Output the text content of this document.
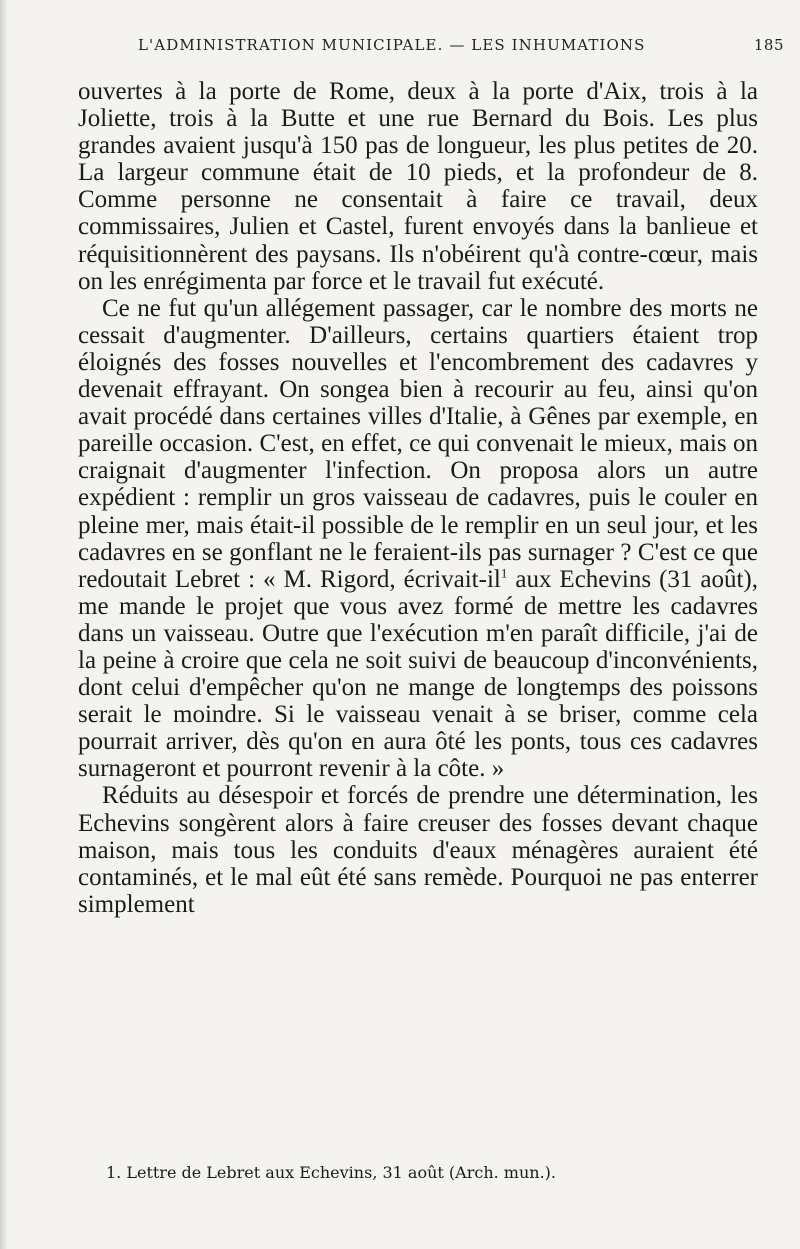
L'ADMINISTRATION MUNICIPALE. — LES INHUMATIONS	185

ouvertes à la porte de Rome, deux à la porte d'Aix, trois à la Joliette, trois à la Butte et une rue Bernard du Bois. Les plus grandes avaient jusqu'à 150 pas de longueur, les plus petites de 20. La largeur commune était de 10 pieds, et la profondeur de 8. Comme personne ne consentait à faire ce travail, deux commissaires, Julien et Castel, furent envoyés dans la banlieue et réquisitionnèrent des paysans. Ils n'obéirent qu'à contre-cœur, mais on les enrégimenta par force et le travail fut exécuté.

Ce ne fut qu'un allégement passager, car le nombre des morts ne cessait d'augmenter. D'ailleurs, certains quartiers étaient trop éloignés des fosses nouvelles et l'encombrement des cadavres y devenait effrayant. On songea bien à recourir au feu, ainsi qu'on avait procédé dans certaines villes d'Italie, à Gênes par exemple, en pareille occasion. C'est, en effet, ce qui convenait le mieux, mais on craignait d'augmenter l'infection. On proposa alors un autre expédient : remplir un gros vaisseau de cadavres, puis le couler en pleine mer, mais était-il possible de le remplir en un seul jour, et les cadavres en se gonflant ne le feraient-ils pas surnager ? C'est ce que redoutait Lebret : « M. Rigord, écrivait-il$^1$ aux Echevins (31 août), me mande le projet que vous avez formé de mettre les cadavres dans un vaisseau. Outre que l'exécution m'en paraît difficile, j'ai de la peine à croire que cela ne soit suivi de beaucoup d'inconvénients, dont celui d'empêcher qu'on ne mange de longtemps des poissons serait le moindre. Si le vaisseau venait à se briser, comme cela pourrait arriver, dès qu'on en aura ôté les ponts, tous ces cadavres surnageront et pourront revenir à la côte. »

Réduits au désespoir et forcés de prendre une détermination, les Echevins songèrent alors à faire creuser des fosses devant chaque maison, mais tous les conduits d'eaux ménagères auraient été contaminés, et le mal eût été sans remède. Pourquoi ne pas enterrer simplement

1. Lettre de Lebret aux Echevins, 31 août (Arch. mun.).
